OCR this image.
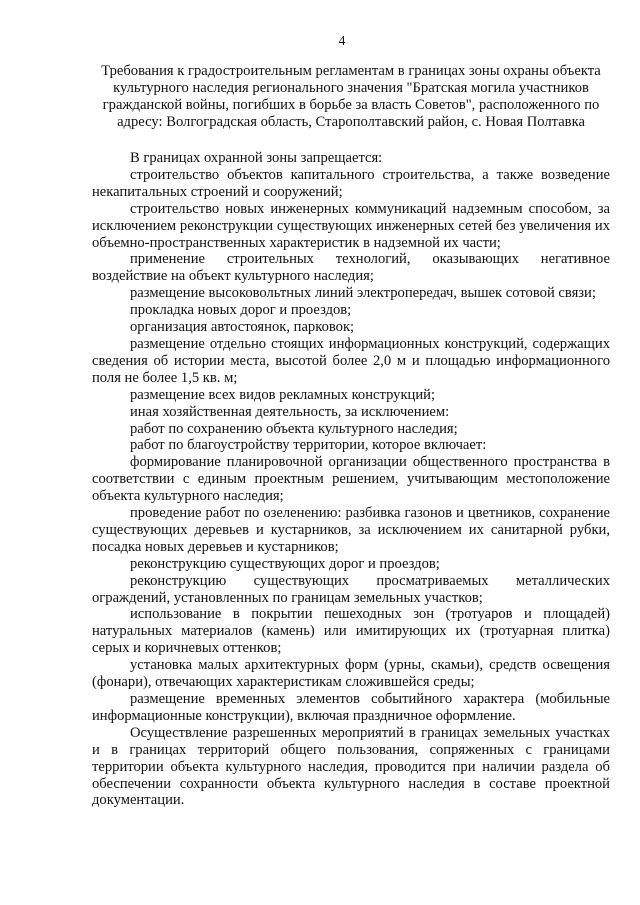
4
Требования к градостроительным регламентам в границах зоны охраны объекта культурного наследия регионального значения "Братская могила участников гражданской войны, погибших в борьбе за власть Советов", расположенного по адресу: Волгоградская область, Старополтавский район, с. Новая Полтавка

В границах охранной зоны запрещается:

строительство объектов капитального строительства, а также возведение некапитальных строений и сооружений;

строительство новых инженерных коммуникаций надземным способом, за исключением реконструкции существующих инженерных сетей без увеличения их объемно-пространственных характеристик в надземной их части;

применение строительных технологий, оказывающих негативное воздействие на объект культурного наследия;

размещение высоковольтных линий электропередач, вышек сотовой связи;

прокладка новых дорог и проездов;

организация автостоянок, парковок;

размещение отдельно стоящих информационных конструкций, содержащих сведения об истории места, высотой более 2,0 м и площадью информационного поля не более 1,5 кв. м;

размещение всех видов рекламных конструкций;

иная хозяйственная деятельность, за исключением:

работ по сохранению объекта культурного наследия;

работ по благоустройству территории, которое включает:

формирование планировочной организации общественного пространства в соответствии с единым проектным решением, учитывающим местоположение объекта культурного наследия;

проведение работ по озеленению: разбивка газонов и цветников, сохранение существующих деревьев и кустарников, за исключением их санитарной рубки, посадка новых деревьев и кустарников;

реконструкцию существующих дорог и проездов;

реконструкцию существующих просматриваемых металлических ограждений, установленных по границам земельных участков;

использование в покрытии пешеходных зон (тротуаров и площадей) натуральных материалов (камень) или имитирующих их (тротуарная плитка) серых и коричневых оттенков;

установка малых архитектурных форм (урны, скамьи), средств освещения (фонари), отвечающих характеристикам сложившейся среды;

размещение временных элементов событийного характера (мобильные информационные конструкции), включая праздничное оформление.

Осуществление разрешенных мероприятий в границах земельных участках и в границах территорий общего пользования, сопряженных с границами территории объекта культурного наследия, проводится при наличии раздела об обеспечении сохранности объекта культурного наследия в составе проектной документации.
